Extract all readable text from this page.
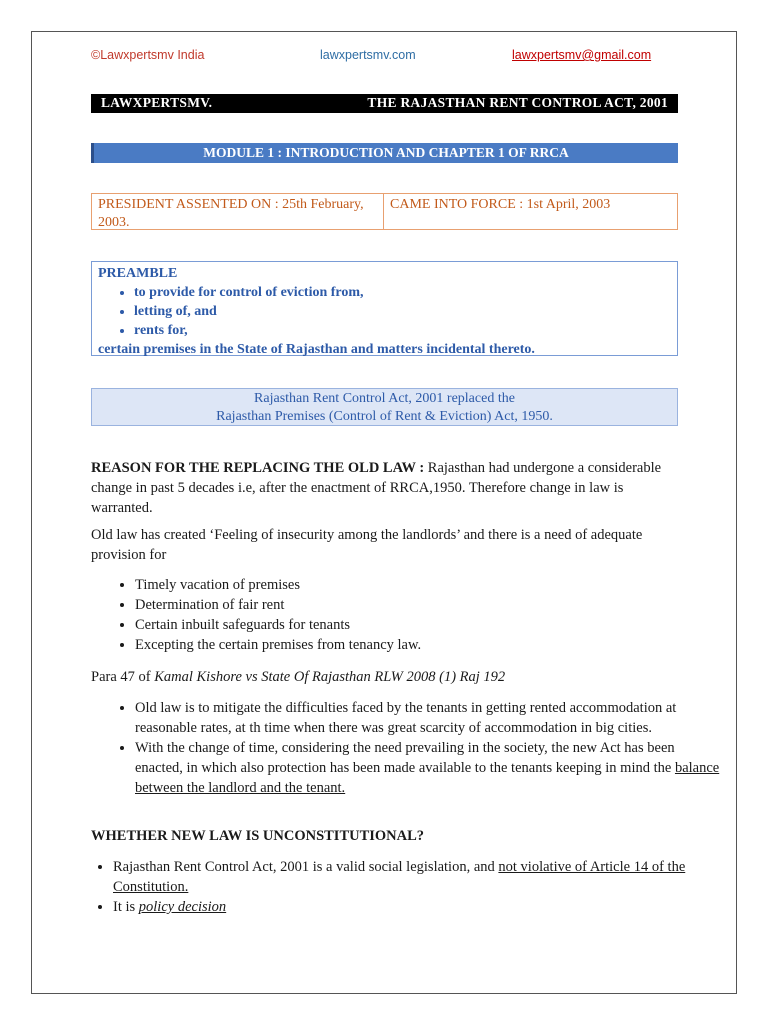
©Lawxpertsmv India	lawxpertsmv.com	lawxpertsmv@gmail.com
LAWXPERTSMV.	THE RAJASTHAN RENT CONTROL ACT, 2001
MODULE 1 : INTRODUCTION AND CHAPTER 1 OF RRCA
PRESIDENT ASSENTED ON : 25th February, 2003.
CAME INTO FORCE : 1st April, 2003
PREAMBLE
• to provide for control of eviction from,
• letting of, and
• rents for,
certain premises in the State of Rajasthan and matters incidental thereto.
Rajasthan Rent Control Act, 2001 replaced the
Rajasthan Premises (Control of Rent & Eviction) Act, 1950.
REASON FOR THE REPLACING THE OLD LAW : Rajasthan had undergone a considerable change in past 5 decades i.e, after the enactment of RRCA,1950. Therefore change in law is warranted.
Old law has created ‘Feeling of insecurity among the landlords’ and there is a need of adequate provision for
• Timely vacation of premises
• Determination of fair rent
• Certain inbuilt safeguards for tenants
• Excepting the certain premises from tenancy law.
Para 47 of Kamal Kishore vs State Of Rajasthan RLW 2008 (1) Raj 192
• Old law is to mitigate the difficulties faced by the tenants in getting rented accommodation at reasonable rates, at th time when there was great scarcity of accommodation in big cities.
• With the change of time, considering the need prevailing in the society, the new Act has been enacted, in which also protection has been made available to the tenants keeping in mind the balance between the landlord and the tenant.
WHETHER NEW LAW IS UNCONSTITUTIONAL?
• Rajasthan Rent Control Act, 2001 is a valid social legislation, and not violative of Article 14 of the Constitution.
• It is policy decision
